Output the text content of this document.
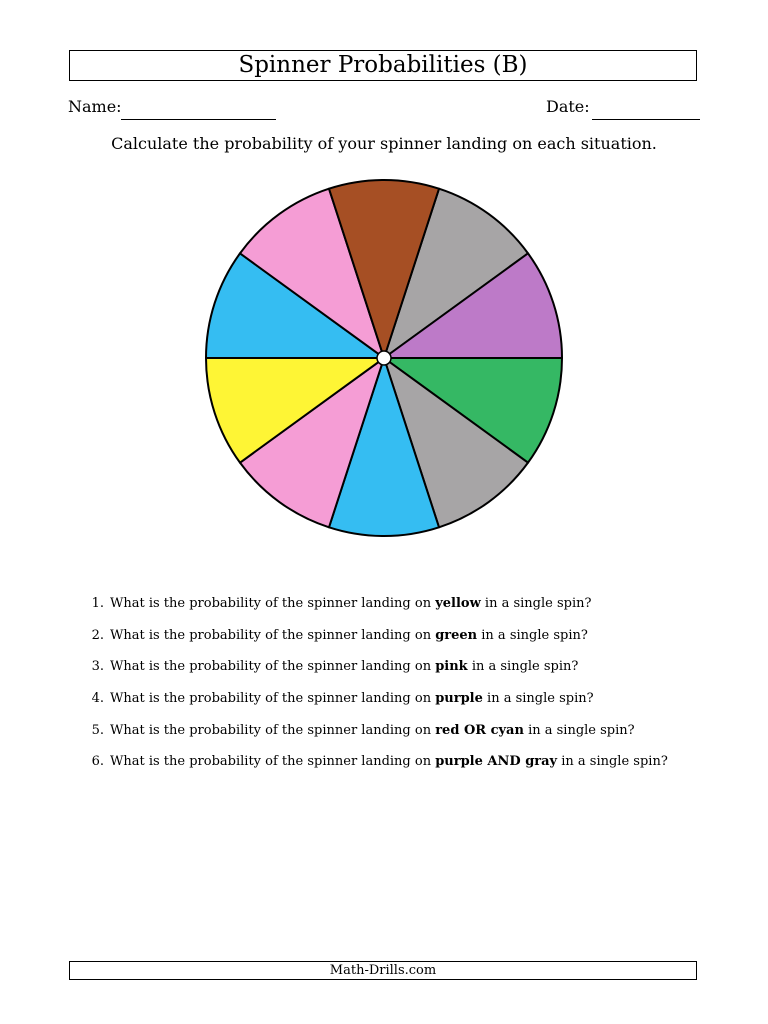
Spinner Probabilities (B)
Name:	Date:
Calculate the probability of your spinner landing on each situation.
1. What is the probability of the spinner landing on yellow in a single spin?
2. What is the probability of the spinner landing on green in a single spin?
3. What is the probability of the spinner landing on pink in a single spin?
4. What is the probability of the spinner landing on purple in a single spin?
5. What is the probability of the spinner landing on red OR cyan in a single spin?
6. What is the probability of the spinner landing on purple AND gray in a single spin?
Math-Drills.com
